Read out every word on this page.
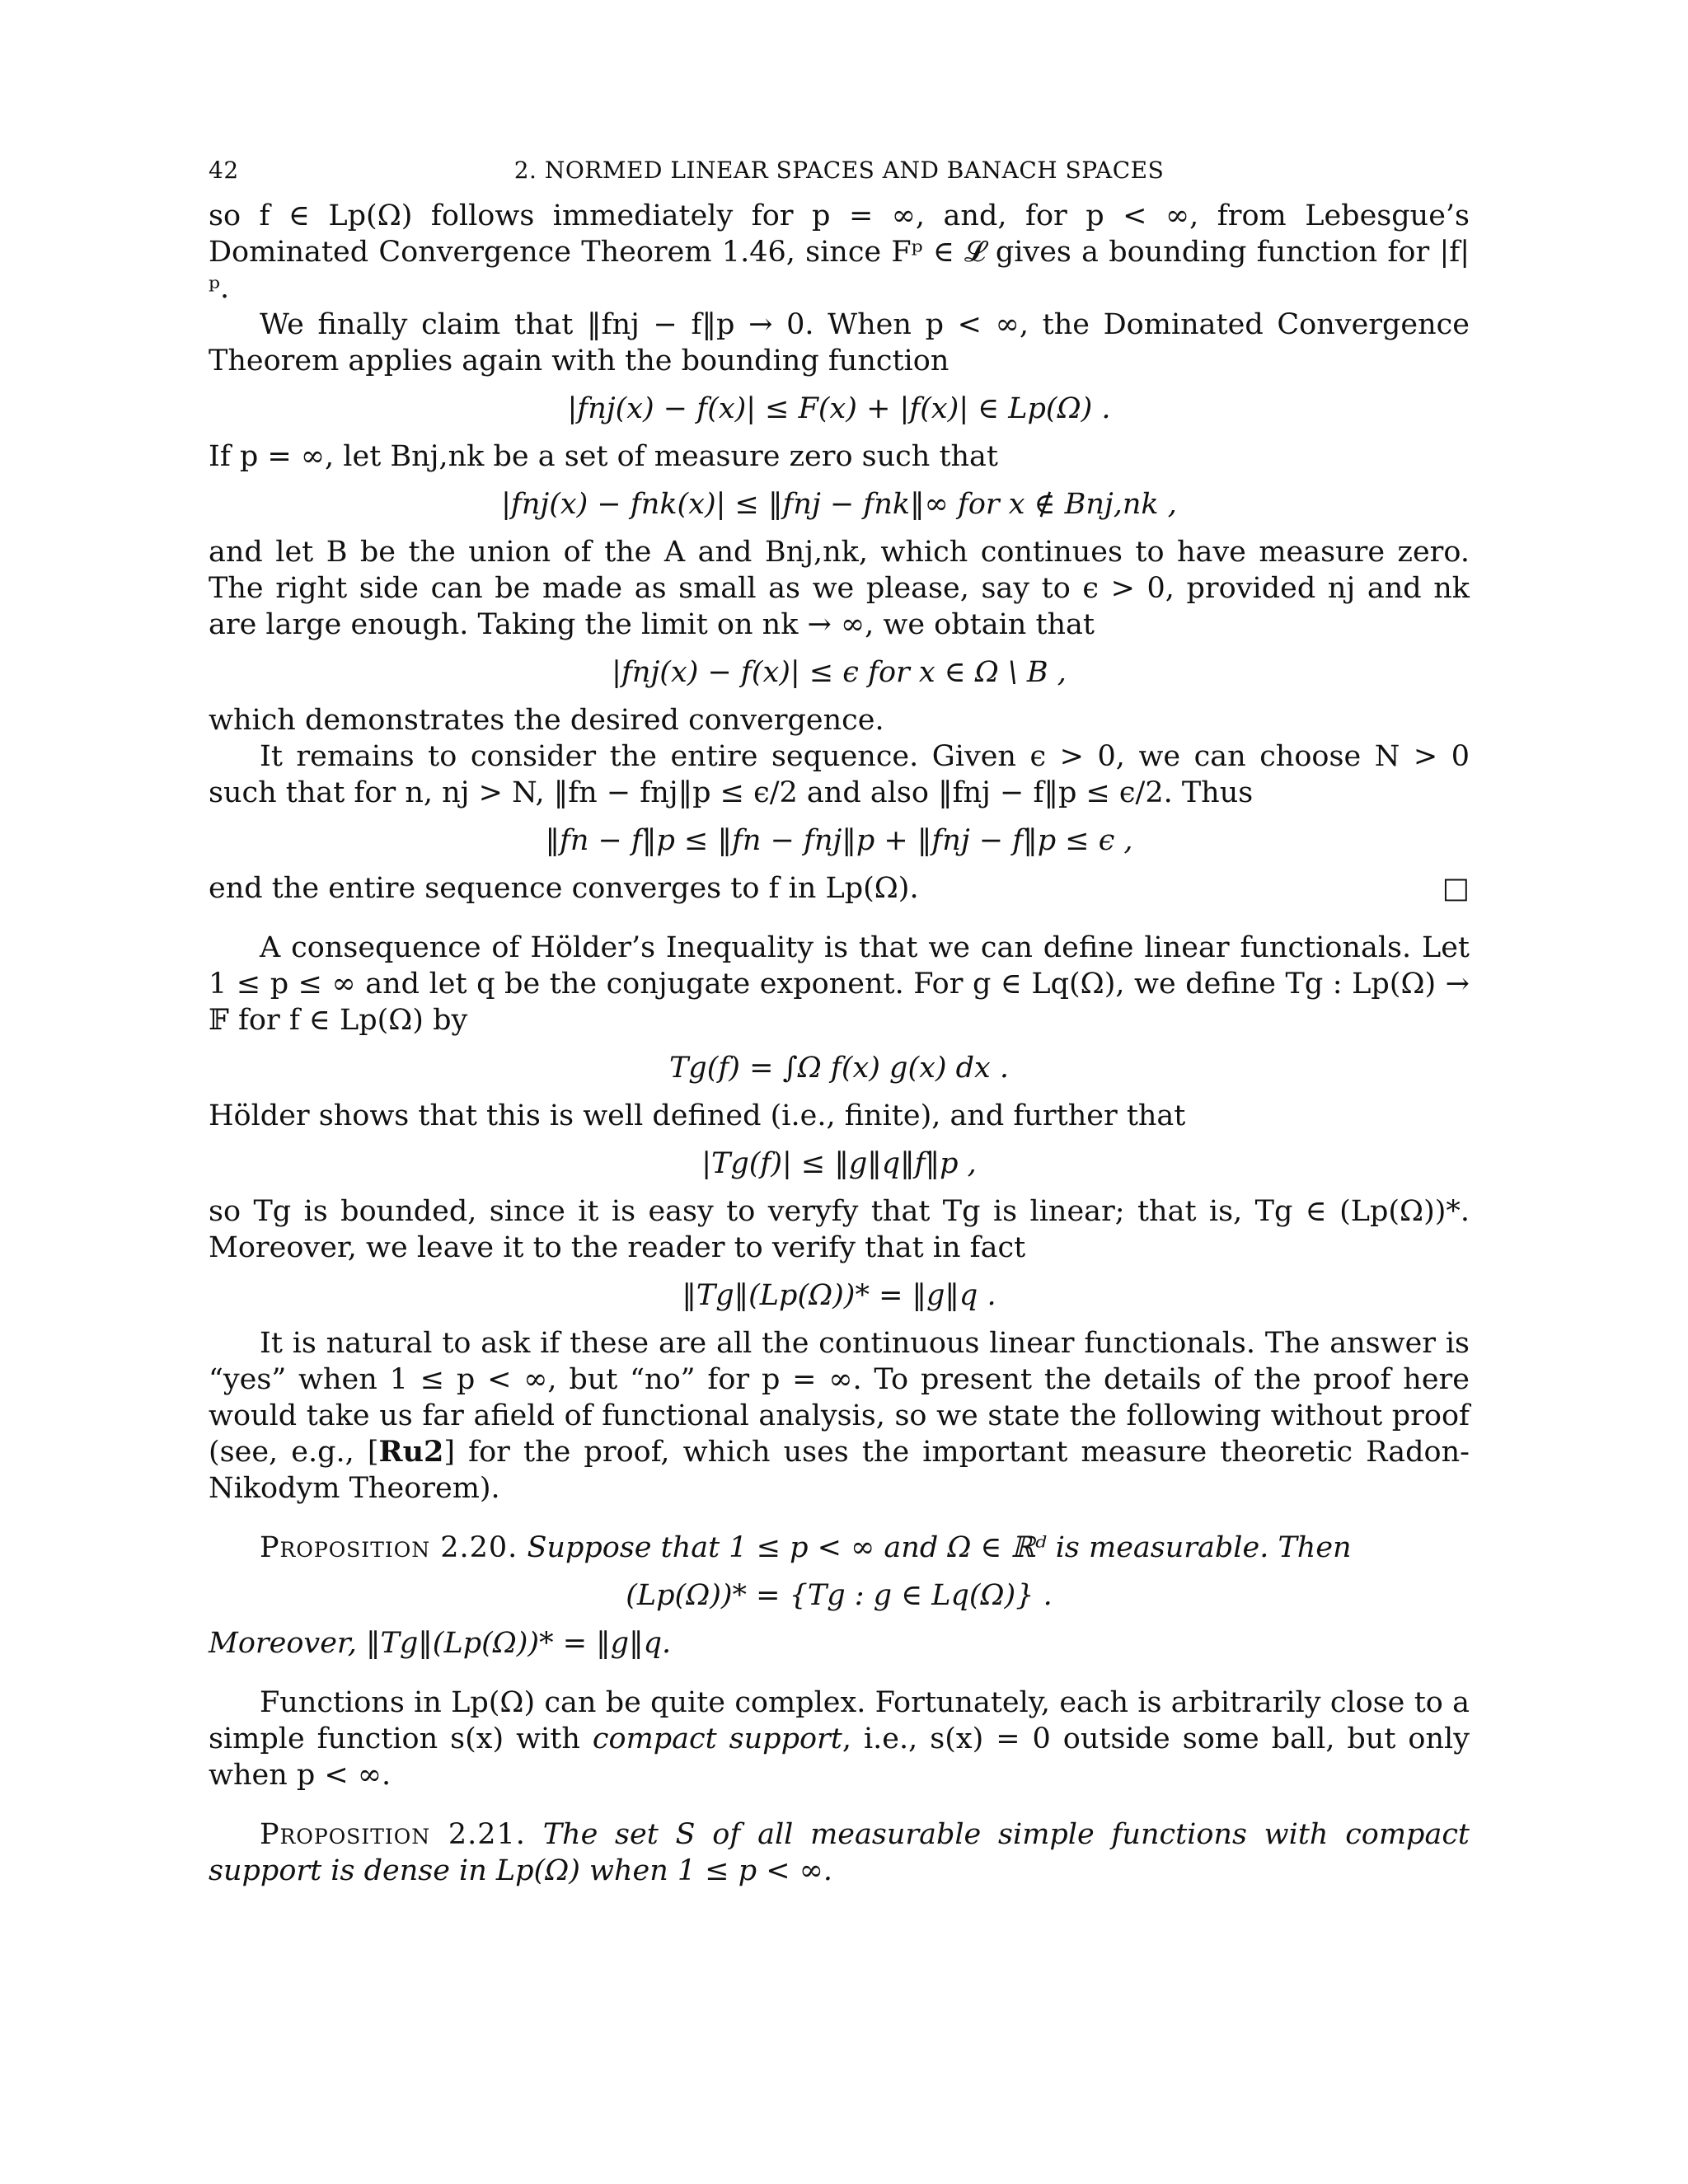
42	2. NORMED LINEAR SPACES AND BANACH SPACES

so f ∈ Lp(Ω) follows immediately for p = ∞, and, for p < ∞, from Lebesgue’s Dominated Convergence Theorem 1.46, since Fᵖ ∈ 𝓛 gives a bounding function for |f|ᵖ.

We finally claim that ‖fnj − f‖p → 0. When p < ∞, the Dominated Convergence Theorem applies again with the bounding function

|fnj(x) − f(x)| ≤ F(x) + |f(x)| ∈ Lp(Ω) .

If p = ∞, let Bnj,nk be a set of measure zero such that

|fnj(x) − fnk(x)| ≤ ‖fnj − fnk‖∞ for x ∉ Bnj,nk ,

and let B be the union of the A and Bnj,nk, which continues to have measure zero. The right side can be made as small as we please, say to ϵ > 0, provided nj and nk are large enough. Taking the limit on nk → ∞, we obtain that

|fnj(x) − f(x)| ≤ ϵ for x ∈ Ω \ B ,

which demonstrates the desired convergence.

It remains to consider the entire sequence. Given ϵ > 0, we can choose N > 0 such that for n, nj > N, ‖fn − fnj‖p ≤ ϵ/2 and also ‖fnj − f‖p ≤ ϵ/2. Thus

‖fn − f‖p ≤ ‖fn − fnj‖p + ‖fnj − f‖p ≤ ϵ ,

end the entire sequence converges to f in Lp(Ω).	□

A consequence of Hölder’s Inequality is that we can define linear functionals. Let 1 ≤ p ≤ ∞ and let q be the conjugate exponent. For g ∈ Lq(Ω), we define Tg : Lp(Ω) → 𝔽 for f ∈ Lp(Ω) by

Tg(f) = ∫Ω f(x) g(x) dx .

Hölder shows that this is well defined (i.e., finite), and further that

|Tg(f)| ≤ ‖g‖q‖f‖p ,

so Tg is bounded, since it is easy to veryfy that Tg is linear; that is, Tg ∈ (Lp(Ω))*. Moreover, we leave it to the reader to verify that in fact

‖Tg‖(Lp(Ω))* = ‖g‖q .

It is natural to ask if these are all the continuous linear functionals. The answer is “yes” when 1 ≤ p < ∞, but “no” for p = ∞. To present the details of the proof here would take us far afield of functional analysis, so we state the following without proof (see, e.g., [Ru2] for the proof, which uses the important measure theoretic Radon-Nikodym Theorem).

Proposition 2.20. Suppose that 1 ≤ p < ∞ and Ω ∈ ℝᵈ is measurable. Then

(Lp(Ω))* = {Tg : g ∈ Lq(Ω)} .

Moreover, ‖Tg‖(Lp(Ω))* = ‖g‖q.

Functions in Lp(Ω) can be quite complex. Fortunately, each is arbitrarily close to a simple function s(x) with compact support, i.e., s(x) = 0 outside some ball, but only when p < ∞.

Proposition 2.21. The set S of all measurable simple functions with compact support is dense in Lp(Ω) when 1 ≤ p < ∞.
